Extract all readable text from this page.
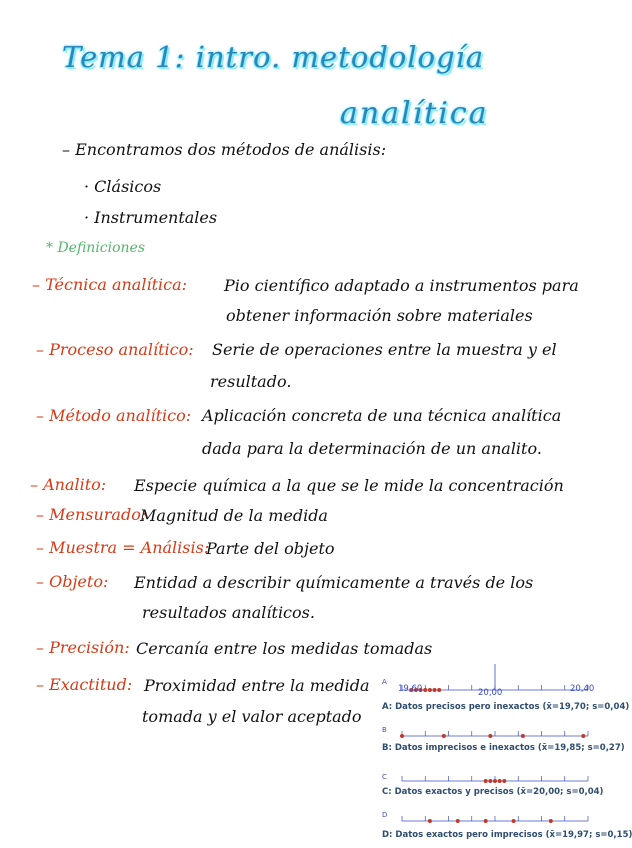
Tema 1: intro. metodología
analítica
– Encontramos dos métodos de análisis:
· Clásicos
· Instrumentales
* Definiciones
– Técnica analítica: Pio científico adaptado a instrumentos para
obtener información sobre materiales
– Proceso analítico: Serie de operaciones entre la muestra y el
resultado.
– Método analítico: Aplicación concreta de una técnica analítica
dada para la determinación de un analito.
– Analito: Especie química a la que se le mide la concentración
– Mensurado:
Magnitud de la medida
– Muestra = Análisis:
Parte del objeto
– Objeto: Entidad a describir químicamente a través de los
resultados analíticos.
– Precisión: Cercanía entre los medidas tomadas
– Exactitud: Proximidad entre la medida
tomada y el valor aceptado
19,60	20,00	20,40
A
A: Datos precisos pero inexactos (x̄=19,70; s=0,04)
B
B: Datos imprecisos e inexactos (x̄=19,85; s=0,27)
C
C: Datos exactos y precisos (x̄=20,00; s=0,04)
D
D: Datos exactos pero imprecisos (x̄=19,97; s=0,15)
